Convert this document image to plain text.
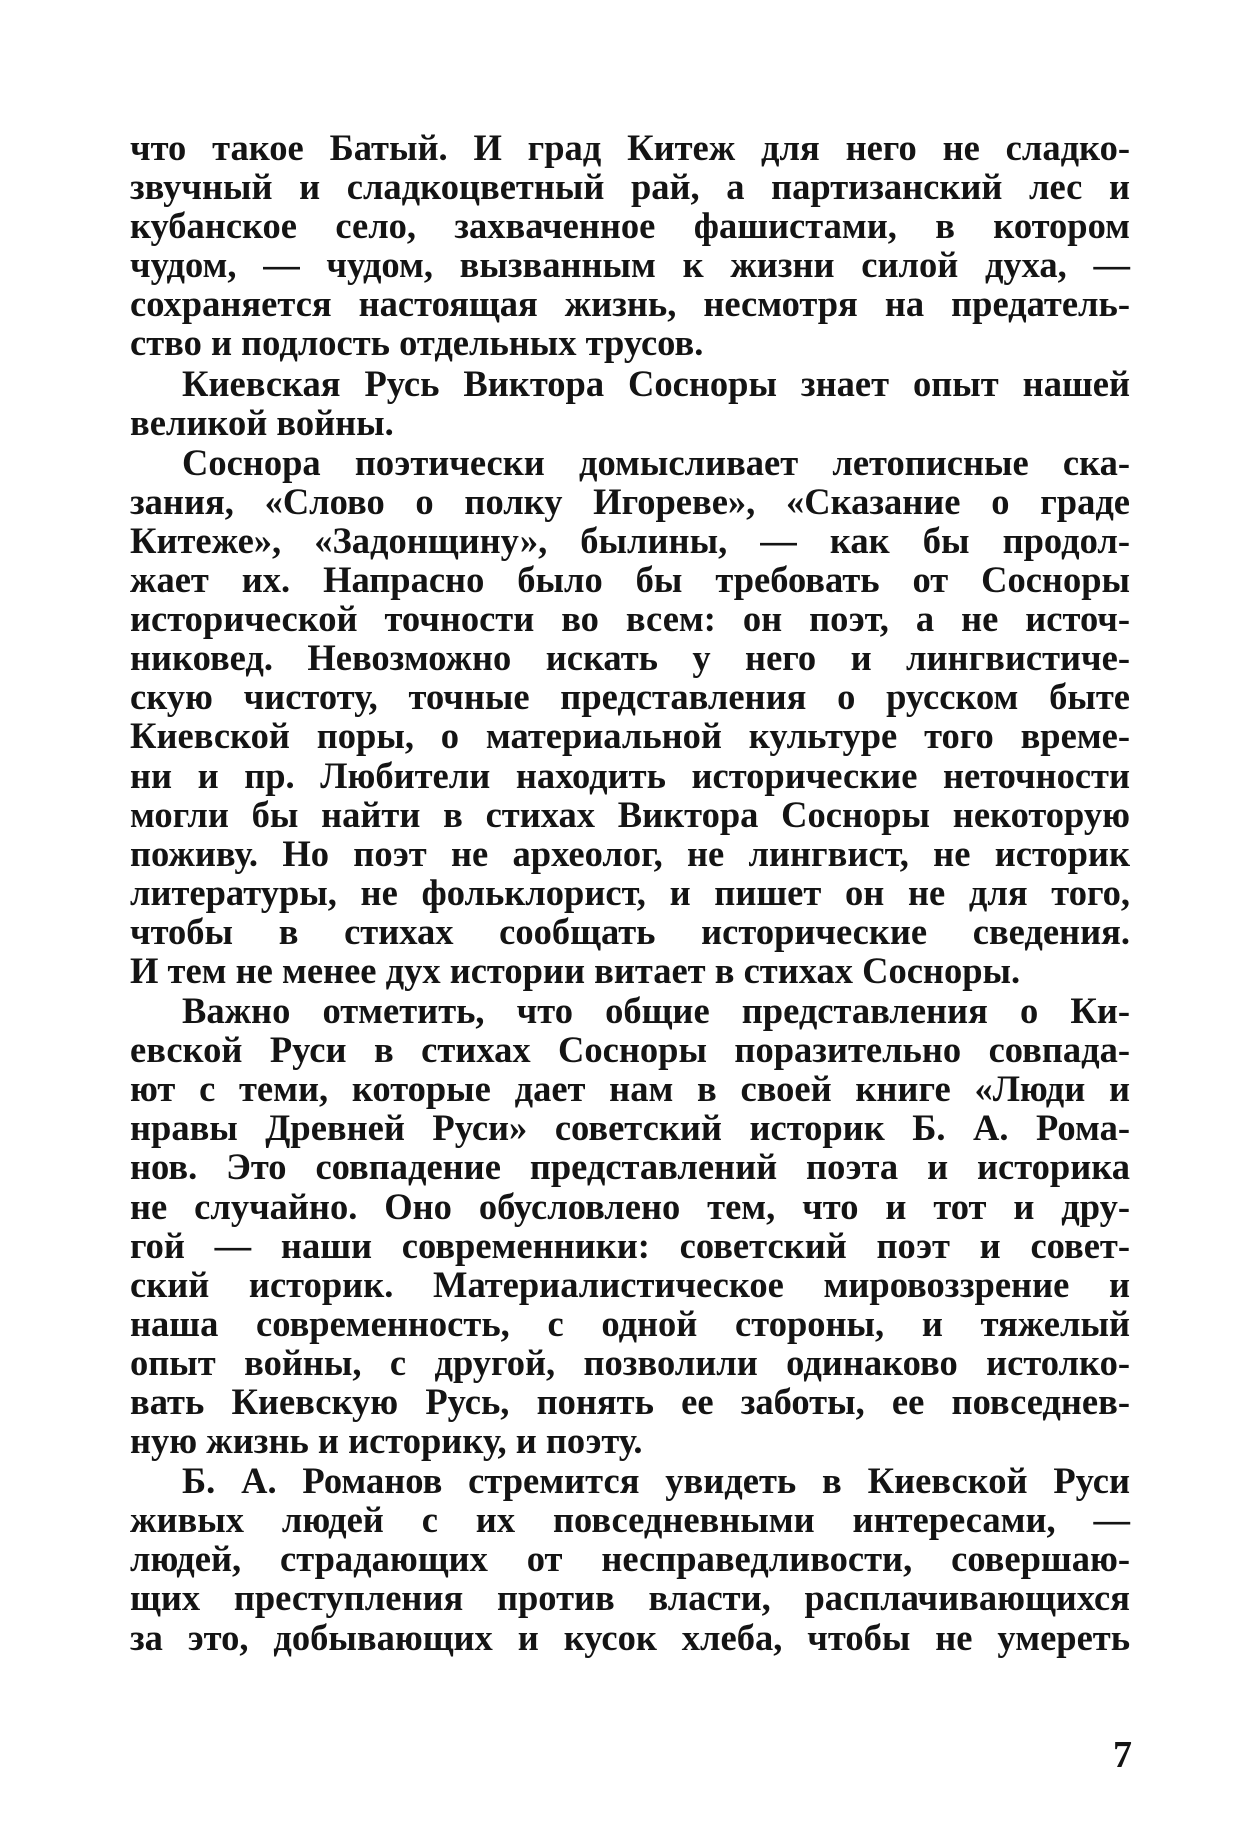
что такое Батый. И град Китеж для него не сладко-
звучный и сладкоцветный рай, а партизанский лес и
кубанское село, захваченное фашистами, в котором
чудом, — чудом, вызванным к жизни силой духа, —
сохраняется настоящая жизнь, несмотря на предатель-
ство и подлость отдельных трусов.
Киевская Русь Виктора Сосноры знает опыт нашей
великой войны.
Соснора поэтически домысливает летописные ска-
зания, «Слово о полку Игореве», «Сказание о граде
Китеже», «Задонщину», былины, — как бы продол-
жает их. Напрасно было бы требовать от Сосноры
исторической точности во всем: он поэт, а не источ-
никовед. Невозможно искать у него и лингвистиче-
скую чистоту, точные представления о русском быте
Киевской поры, о материальной культуре того време-
ни и пр. Любители находить исторические неточности
могли бы найти в стихах Виктора Сосноры некоторую
поживу. Но поэт не археолог, не лингвист, не историк
литературы, не фольклорист, и пишет он не для того,
чтобы в стихах сообщать исторические сведения.
И тем не менее дух истории витает в стихах Сосноры.
Важно отметить, что общие представления о Ки-
евской Руси в стихах Сосноры поразительно совпада-
ют с теми, которые дает нам в своей книге «Люди и
нравы Древней Руси» советский историк Б. А. Рома-
нов. Это совпадение представлений поэта и историка
не случайно. Оно обусловлено тем, что и тот и дру-
гой — наши современники: советский поэт и совет-
ский историк. Материалистическое мировоззрение и
наша современность, с одной стороны, и тяжелый
опыт войны, с другой, позволили одинаково истолко-
вать Киевскую Русь, понять ее заботы, ее повседнев-
ную жизнь и историку, и поэту.
Б. А. Романов стремится увидеть в Киевской Руси
живых людей с их повседневными интересами, —
людей, страдающих от несправедливости, совершаю-
щих преступления против власти, расплачивающихся
за это, добывающих и кусок хлеба, чтобы не умереть
7
